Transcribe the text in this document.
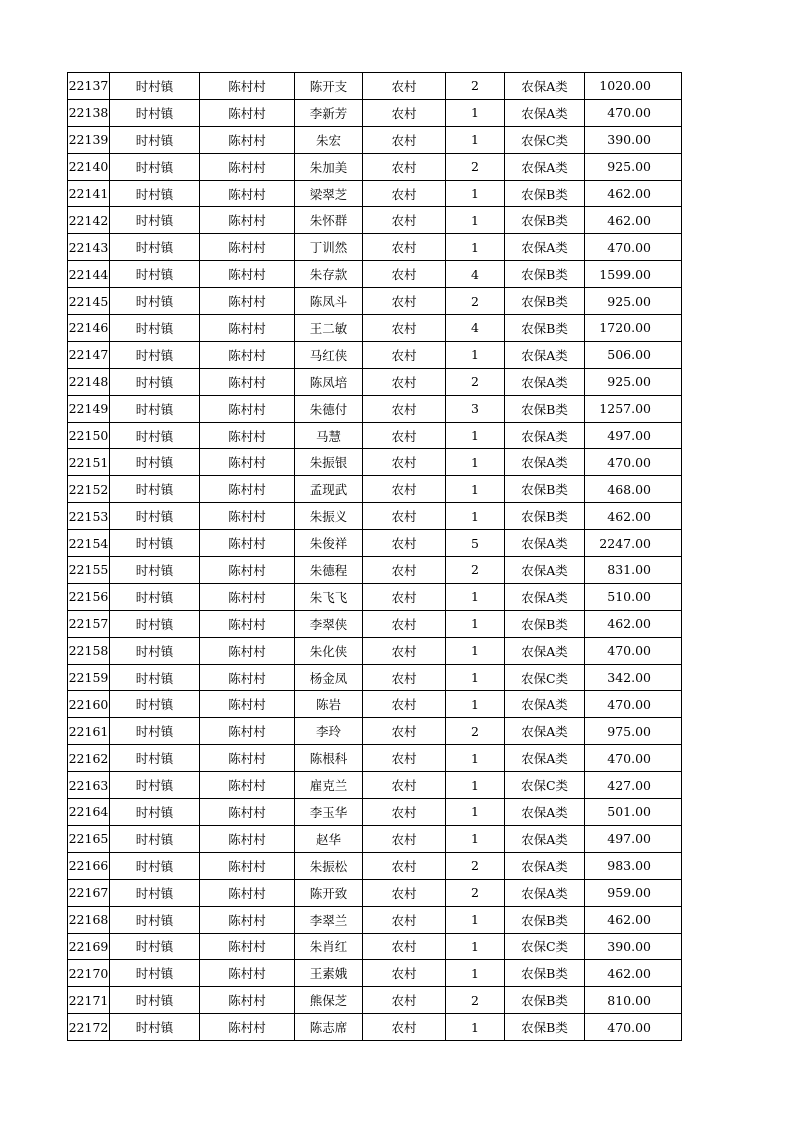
22137	时村镇	陈村村	陈开支	农村	2	农保A类	1020.00
22138	时村镇	陈村村	李新芳	农村	1	农保A类	470.00
22139	时村镇	陈村村	朱宏	农村	1	农保C类	390.00
22140	时村镇	陈村村	朱加美	农村	2	农保A类	925.00
22141	时村镇	陈村村	梁翠芝	农村	1	农保B类	462.00
22142	时村镇	陈村村	朱怀群	农村	1	农保B类	462.00
22143	时村镇	陈村村	丁训然	农村	1	农保A类	470.00
22144	时村镇	陈村村	朱存款	农村	4	农保B类	1599.00
22145	时村镇	陈村村	陈凤斗	农村	2	农保B类	925.00
22146	时村镇	陈村村	王二敏	农村	4	农保B类	1720.00
22147	时村镇	陈村村	马红侠	农村	1	农保A类	506.00
22148	时村镇	陈村村	陈凤培	农村	2	农保A类	925.00
22149	时村镇	陈村村	朱德付	农村	3	农保B类	1257.00
22150	时村镇	陈村村	马慧	农村	1	农保A类	497.00
22151	时村镇	陈村村	朱振银	农村	1	农保A类	470.00
22152	时村镇	陈村村	孟现武	农村	1	农保B类	468.00
22153	时村镇	陈村村	朱振义	农村	1	农保B类	462.00
22154	时村镇	陈村村	朱俊祥	农村	5	农保A类	2247.00
22155	时村镇	陈村村	朱德程	农村	2	农保A类	831.00
22156	时村镇	陈村村	朱飞飞	农村	1	农保A类	510.00
22157	时村镇	陈村村	李翠侠	农村	1	农保B类	462.00
22158	时村镇	陈村村	朱化侠	农村	1	农保A类	470.00
22159	时村镇	陈村村	杨金凤	农村	1	农保C类	342.00
22160	时村镇	陈村村	陈岩	农村	1	农保A类	470.00
22161	时村镇	陈村村	李玲	农村	2	农保A类	975.00
22162	时村镇	陈村村	陈根科	农村	1	农保A类	470.00
22163	时村镇	陈村村	雇克兰	农村	1	农保C类	427.00
22164	时村镇	陈村村	李玉华	农村	1	农保A类	501.00
22165	时村镇	陈村村	赵华	农村	1	农保A类	497.00
22166	时村镇	陈村村	朱振松	农村	2	农保A类	983.00
22167	时村镇	陈村村	陈开致	农村	2	农保A类	959.00
22168	时村镇	陈村村	李翠兰	农村	1	农保B类	462.00
22169	时村镇	陈村村	朱肖红	农村	1	农保C类	390.00
22170	时村镇	陈村村	王素娥	农村	1	农保B类	462.00
22171	时村镇	陈村村	熊保芝	农村	2	农保B类	810.00
22172	时村镇	陈村村	陈志席	农村	1	农保B类	470.00
